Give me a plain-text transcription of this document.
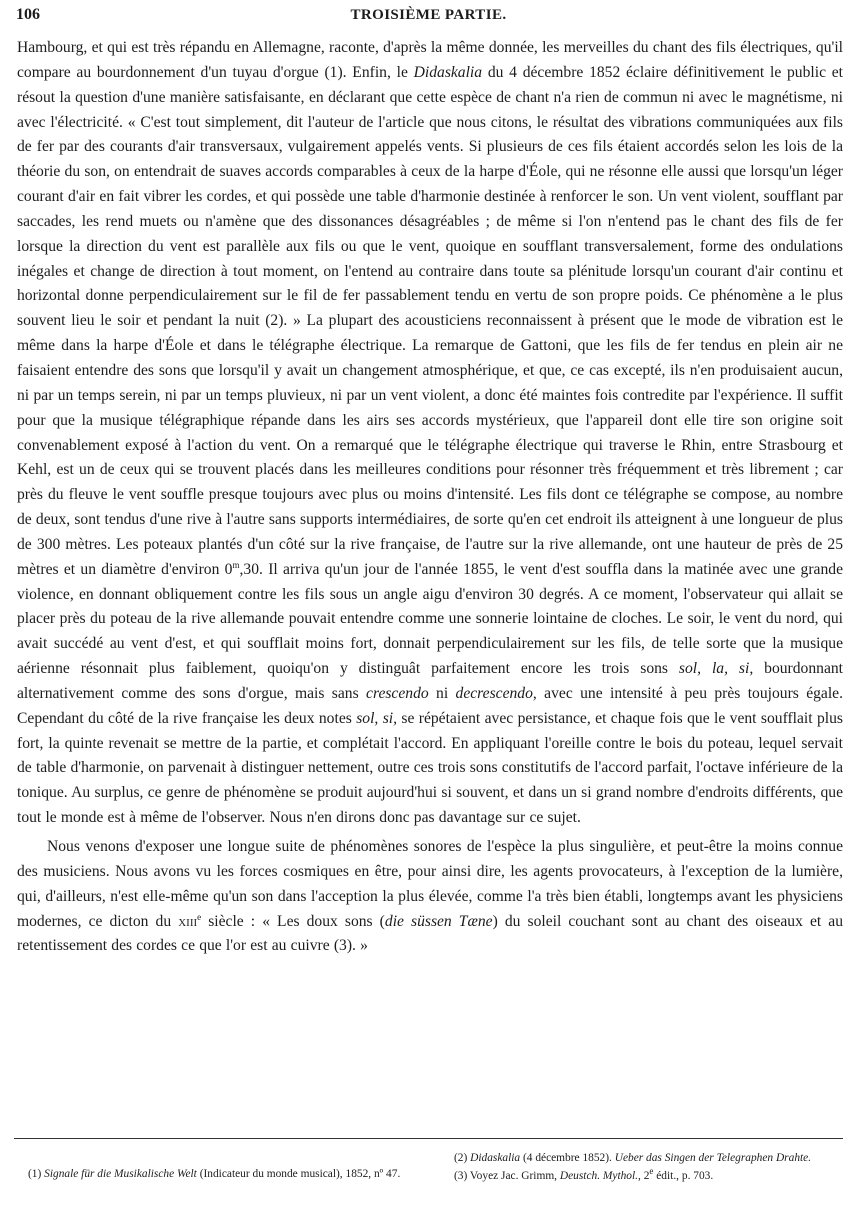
106	TROISIÈME PARTIE.

Hambourg, et qui est très répandu en Allemagne, raconte, d'après la même donnée, les merveilles du chant des fils électriques, qu'il compare au bourdonnement d'un tuyau d'orgue (1). Enfin, le Didaskalia du 4 décembre 1852 éclaire définitivement le public et résout la question d'une manière satisfaisante, en déclarant que cette espèce de chant n'a rien de commun ni avec le magnétisme, ni avec l'électricité. « C'est tout simplement, dit l'auteur de l'article que nous citons, le résultat des vibrations communiquées aux fils de fer par des courants d'air transversaux, vulgairement appelés vents. Si plusieurs de ces fils étaient accordés selon les lois de la théorie du son, on entendrait de suaves accords comparables à ceux de la harpe d'Éole, qui ne résonne elle aussi que lorsqu'un léger courant d'air en fait vibrer les cordes, et qui possède une table d'harmonie destinée à renforcer le son. Un vent violent, soufflant par saccades, les rend muets ou n'amène que des dissonances désagréables ; de même si l'on n'entend pas le chant des fils de fer lorsque la direction du vent est parallèle aux fils ou que le vent, quoique en soufflant transversalement, forme des ondulations inégales et change de direction à tout moment, on l'entend au contraire dans toute sa plénitude lorsqu'un courant d'air continu et horizontal donne perpendiculairement sur le fil de fer passablement tendu en vertu de son propre poids. Ce phénomène a le plus souvent lieu le soir et pendant la nuit (2). » La plupart des acousticiens reconnaissent à présent que le mode de vibration est le même dans la harpe d'Éole et dans le télégraphe électrique. La remarque de Gattoni, que les fils de fer tendus en plein air ne faisaient entendre des sons que lorsqu'il y avait un changement atmosphérique, et que, ce cas excepté, ils n'en produisaient aucun, ni par un temps serein, ni par un temps pluvieux, ni par un vent violent, a donc été maintes fois contredite par l'expérience. Il suffit pour que la musique télégraphique répande dans les airs ses accords mystérieux, que l'appareil dont elle tire son origine soit convenablement exposé à l'action du vent. On a remarqué que le télégraphe électrique qui traverse le Rhin, entre Strasbourg et Kehl, est un de ceux qui se trouvent placés dans les meilleures conditions pour résonner très fréquemment et très librement ; car près du fleuve le vent souffle presque toujours avec plus ou moins d'intensité. Les fils dont ce télégraphe se compose, au nombre de deux, sont tendus d'une rive à l'autre sans supports intermédiaires, de sorte qu'en cet endroit ils atteignent à une longueur de plus de 300 mètres. Les poteaux plantés d'un côté sur la rive française, de l'autre sur la rive allemande, ont une hauteur de près de 25 mètres et un diamètre d'environ 0$^m$,30. Il arriva qu'un jour de l'année 1855, le vent d'est souffla dans la matinée avec une grande violence, en donnant obliquement contre les fils sous un angle aigu d'environ 30 degrés. A ce moment, l'observateur qui allait se placer près du poteau de la rive allemande pouvait entendre comme une sonnerie lointaine de cloches. Le soir, le vent du nord, qui avait succédé au vent d'est, et qui soufflait moins fort, donnait perpendiculairement sur les fils, de telle sorte que la musique aérienne résonnait plus faiblement, quoiqu'on y distinguât parfaitement encore les trois sons sol, la, si, bourdonnant alternativement comme des sons d'orgue, mais sans crescendo ni decrescendo, avec une intensité à peu près toujours égale. Cependant du côté de la rive française les deux notes sol, si, se répétaient avec persistance, et chaque fois que le vent soufflait plus fort, la quinte revenait se mettre de la partie, et complétait l'accord. En appliquant l'oreille contre le bois du poteau, lequel servait de table d'harmonie, on parvenait à distinguer nettement, outre ces trois sons constitutifs de l'accord parfait, l'octave inférieure de la tonique. Au surplus, ce genre de phénomène se produit aujourd'hui si souvent, et dans un si grand nombre d'endroits différents, que tout le monde est à même de l'observer. Nous n'en dirons donc pas davantage sur ce sujet.

Nous venons d'exposer une longue suite de phénomènes sonores de l'espèce la plus singulière, et peut-être la moins connue des musiciens. Nous avons vu les forces cosmiques en être, pour ainsi dire, les agents provocateurs, à l'exception de la lumière, qui, d'ailleurs, n'est elle-même qu'un son dans l'acception la plus élevée, comme l'a très bien établi, longtemps avant les physiciens modernes, ce dicton du xiii$^e$ siècle : « Les doux sons (die süssen Tæne) du soleil couchant sont au chant des oiseaux et au retentissement des cordes ce que l'or est au cuivre (3). »

(1) Signale für die Musikalische Welt (Indicateur du monde musical), 1852, nº 47.

(2) Didaskalia (4 décembre 1852). Ueber das Singen der Telegraphen Drahte.

(3) Voyez Jac. Grimm, Deustch. Mythol., 2e édit., p. 703.
